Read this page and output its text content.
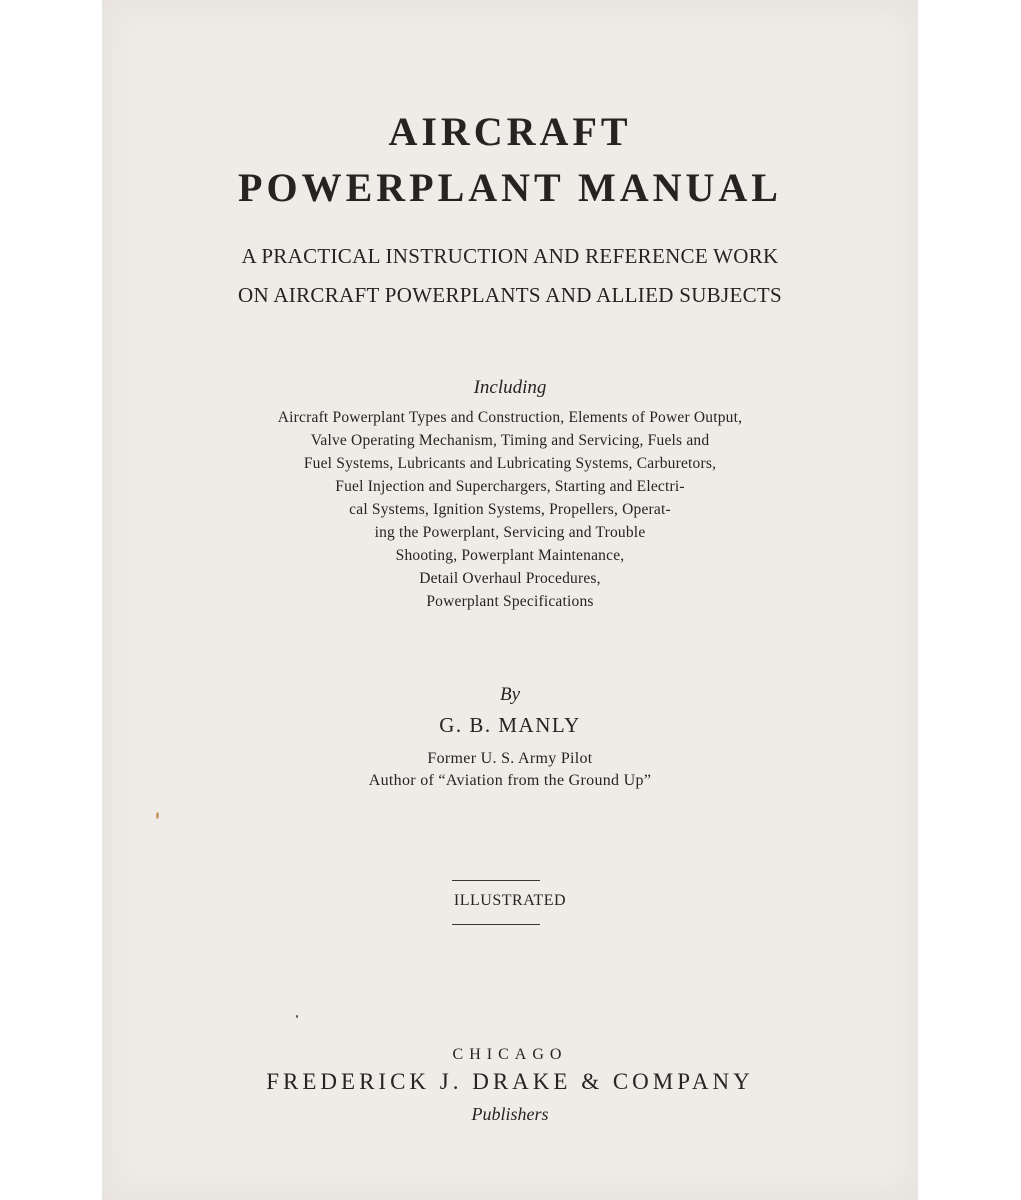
AIRCRAFT
POWERPLANT MANUAL
A PRACTICAL INSTRUCTION AND REFERENCE WORK
ON AIRCRAFT POWERPLANTS AND ALLIED SUBJECTS
Including
Aircraft Powerplant Types and Construction, Elements of Power Output,
Valve Operating Mechanism, Timing and Servicing, Fuels and
Fuel Systems, Lubricants and Lubricating Systems, Carburetors,
Fuel Injection and Superchargers, Starting and Electri-
cal Systems, Ignition Systems, Propellers, Operat-
ing the Powerplant, Servicing and Trouble
Shooting, Powerplant Maintenance,
Detail Overhaul Procedures,
Powerplant Specifications
By
G. B. MANLY
Former U. S. Army Pilot
Author of “Aviation from the Ground Up”
ILLUSTRATED
CHICAGO
FREDERICK J. DRAKE & COMPANY
Publishers
